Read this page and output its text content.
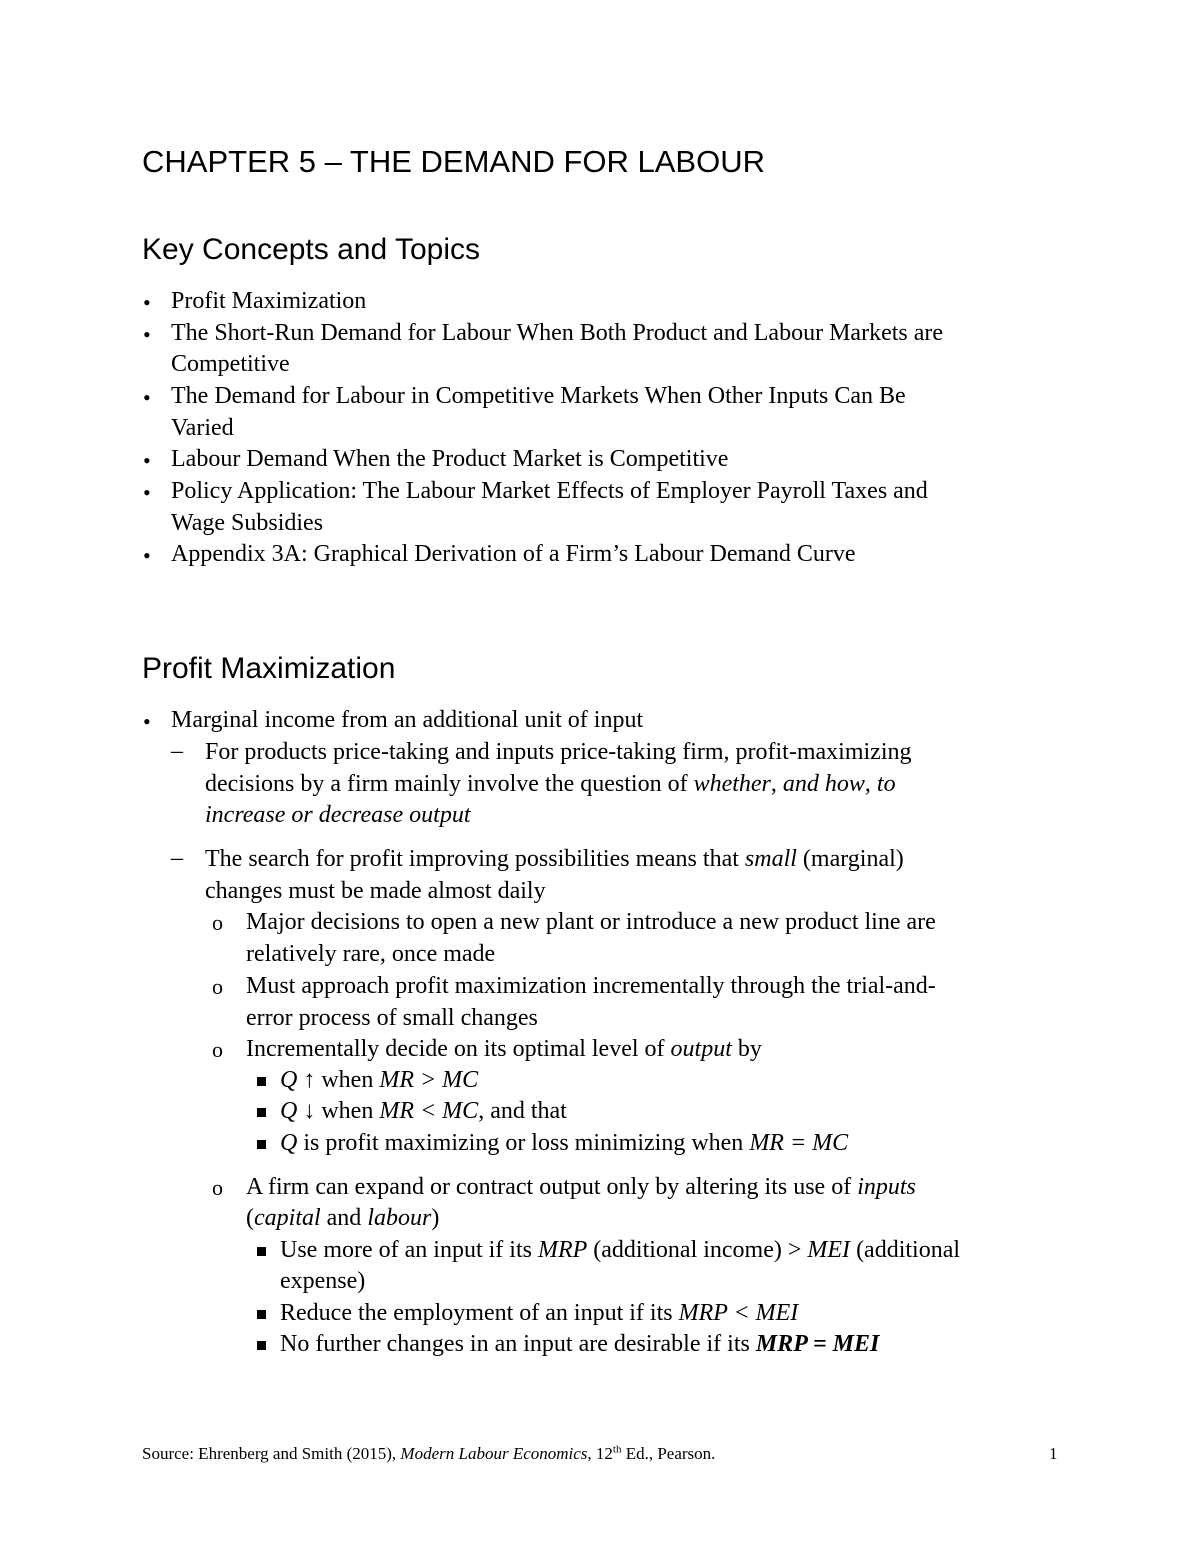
CHAPTER 5 – THE DEMAND FOR LABOUR
Key Concepts and Topics
• Profit Maximization
• The Short-Run Demand for Labour When Both Product and Labour Markets are
Competitive
• The Demand for Labour in Competitive Markets When Other Inputs Can Be
Varied
• Labour Demand When the Product Market is Competitive
• Policy Application: The Labour Market Effects of Employer Payroll Taxes and
Wage Subsidies
• Appendix 3A: Graphical Derivation of a Firm’s Labour Demand Curve
Profit Maximization
• Marginal income from an additional unit of input
– For products price-taking and inputs price-taking firm, profit-maximizing
decisions by a firm mainly involve the question of whether, and how, to
increase or decrease output
– The search for profit improving possibilities means that small (marginal)
changes must be made almost daily
o Major decisions to open a new plant or introduce a new product line are
relatively rare, once made
o Must approach profit maximization incrementally through the trial-and-
error process of small changes
o Incrementally decide on its optimal level of output by
Q ↑ when MR > MC
Q ↓ when MR < MC, and that
Q is profit maximizing or loss minimizing when MR = MC
o A firm can expand or contract output only by altering its use of inputs
(capital and labour)
Use more of an input if its MRP (additional income) > MEI (additional
expense)
Reduce the employment of an input if its MRP < MEI
No further changes in an input are desirable if its MRP = MEI
Source: Ehrenberg and Smith (2015), Modern Labour Economics, 12th Ed., Pearson.	1
